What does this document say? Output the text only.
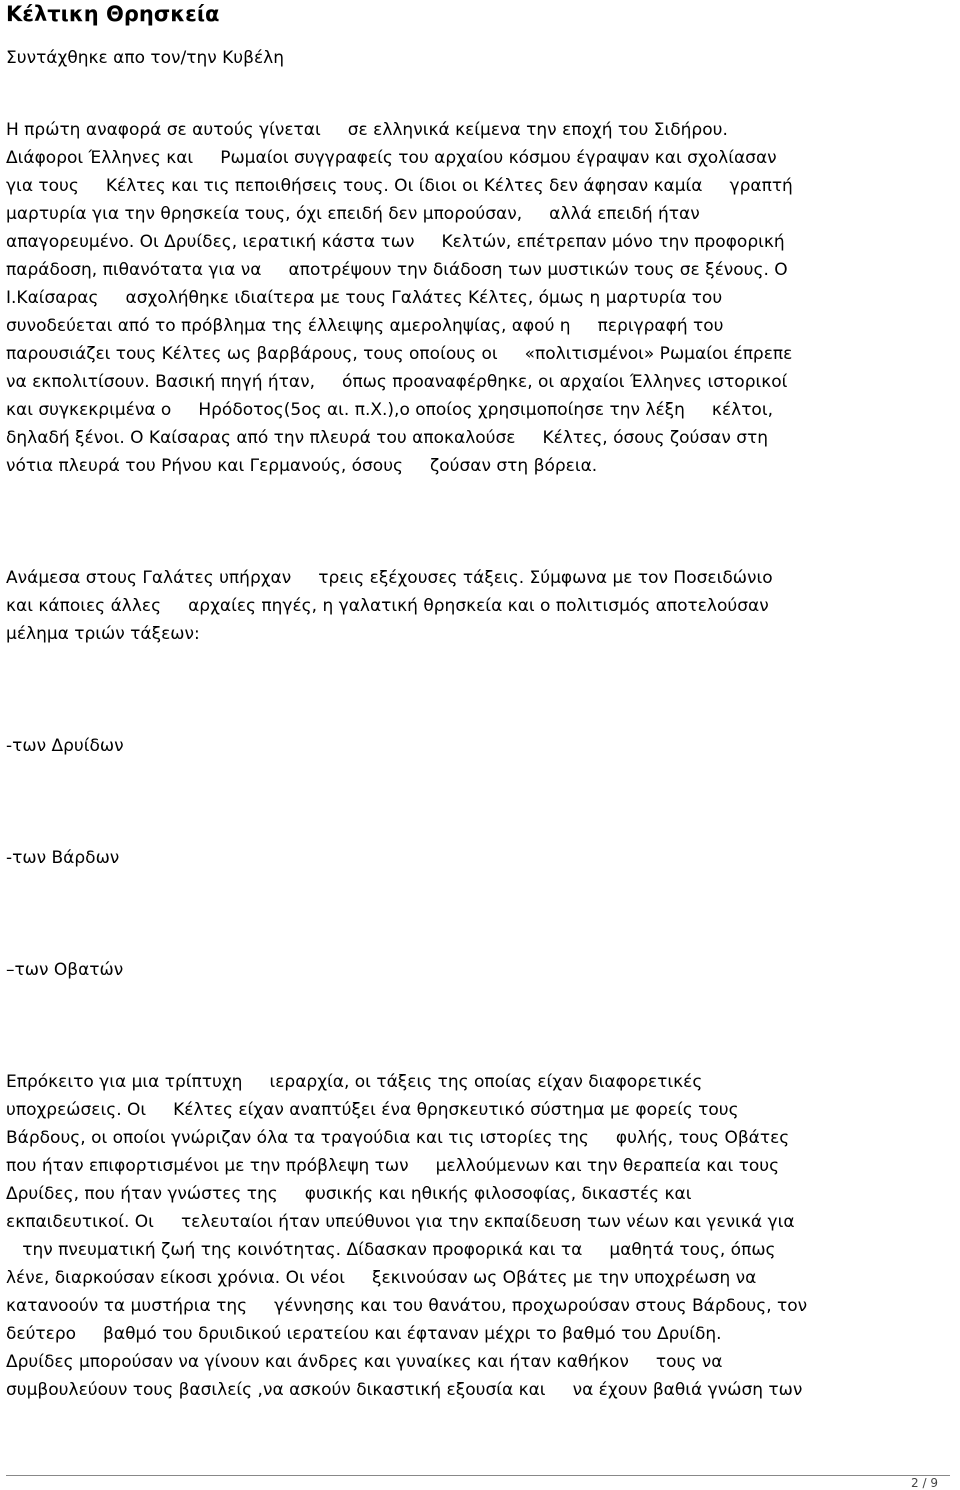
Κέλτικη Θρησκεία
Συντάχθηκε απο τον/την Κυβέλη
Η πρώτη αναφορά σε αυτούς γίνεται     σε ελληνικά κείμενα την εποχή του Σιδήρου.
Διάφοροι Έλληνες και     Ρωμαίοι συγγραφείς του αρχαίου κόσμου έγραψαν και σχολίασαν
για τους     Κέλτες και τις πεποιθήσεις τους. Οι ίδιοι οι Κέλτες δεν άφησαν καμία     γραπτή
μαρτυρία για την θρησκεία τους, όχι επειδή δεν μπορούσαν,     αλλά επειδή ήταν
απαγορευμένο. Οι Δρυίδες, ιερατική κάστα των     Κελτών, επέτρεπαν μόνο την προφορική
παράδοση, πιθανότατα για να     αποτρέψουν την διάδοση των μυστικών τους σε ξένους. Ο
Ι.Καίσαρας     ασχολήθηκε ιδιαίτερα με τους Γαλάτες Κέλτες, όμως η μαρτυρία του
συνοδεύεται από το πρόβλημα της έλλειψης αμεροληψίας, αφού η     περιγραφή του
παρουσιάζει τους Κέλτες ως βαρβάρους, τους οποίους οι     «πολιτισμένοι» Ρωμαίοι έπρεπε
να εκπολιτίσουν. Βασική πηγή ήταν,     όπως προαναφέρθηκε, οι αρχαίοι Έλληνες ιστορικοί
και συγκεκριμένα ο     Ηρόδοτος(5ος αι. π.Χ.),ο οποίος χρησιμοποίησε την λέξη     κέλτοι,
δηλαδή ξένοι. Ο Καίσαρας από την πλευρά του αποκαλούσε     Κέλτες, όσους ζούσαν στη
νότια πλευρά του Ρήνου και Γερμανούς, όσους     ζούσαν στη βόρεια.
Ανάμεσα στους Γαλάτες υπήρχαν     τρεις εξέχουσες τάξεις. Σύμφωνα με τον Ποσειδώνιο
και κάποιες άλλες     αρχαίες πηγές, η γαλατική θρησκεία και ο πολιτισμός αποτελούσαν
μέλημα τριών τάξεων:
-των Δρυίδων
-των Βάρδων
–των Οβατών
Επρόκειτο για μια τρίπτυχη     ιεραρχία, οι τάξεις της οποίας είχαν διαφορετικές
υποχρεώσεις. Οι     Κέλτες είχαν αναπτύξει ένα θρησκευτικό σύστημα με φορείς τους
Βάρδους, οι οποίοι γνώριζαν όλα τα τραγούδια και τις ιστορίες της     φυλής, τους Οβάτες
που ήταν επιφορτισμένοι με την πρόβλεψη των     μελλούμενων και την θεραπεία και τους
Δρυίδες, που ήταν γνώστες της     φυσικής και ηθικής φιλοσοφίας, δικαστές και
εκπαιδευτικοί. Οι     τελευταίοι ήταν υπεύθυνοι για την εκπαίδευση των νέων και γενικά για
την πνευματική ζωή της κοινότητας. Δίδασκαν προφορικά και τα     μαθητά τους, όπως
λένε, διαρκούσαν είκοσι χρόνια. Οι νέοι     ξεκινούσαν ως Οβάτες με την υποχρέωση να
κατανοούν τα μυστήρια της     γέννησης και του θανάτου, προχωρούσαν στους Βάρδους, τον
δεύτερο     βαθμό του δρυιδικού ιερατείου και έφταναν μέχρι το βαθμό του Δρυίδη.
Δρυίδες μπορούσαν να γίνουν και άνδρες και γυναίκες και ήταν καθήκον     τους να
συμβουλεύουν τους βασιλείς ,να ασκούν δικαστική εξουσία και     να έχουν βαθιά γνώση των
2 / 9
